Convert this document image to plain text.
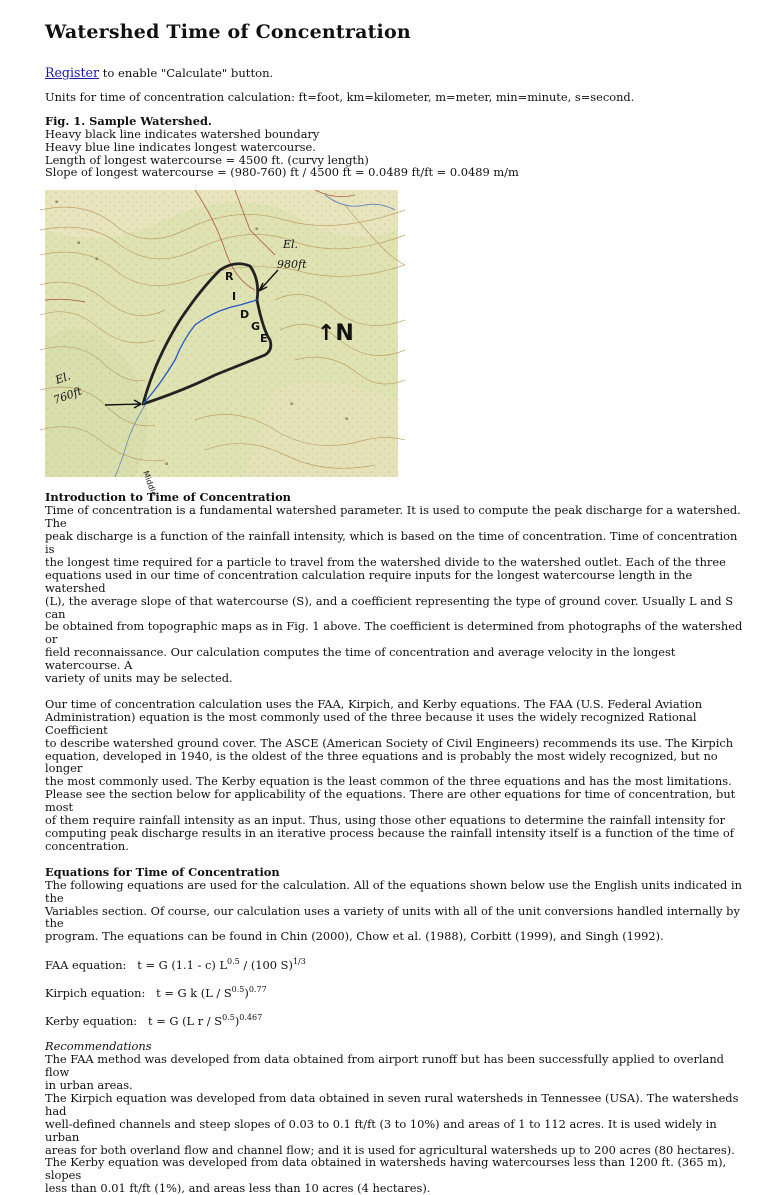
Watershed Time of Concentration

Register to enable "Calculate" button.

Units for time of concentration calculation: ft=foot, km=kilometer, m=meter, min=minute, s=second.

Fig. 1. Sample Watershed.
Heavy black line indicates watershed boundary
Heavy blue line indicates longest watercourse.
Length of longest watercourse = 4500 ft. (curvy length)
Slope of longest watercourse = (980-760) ft / 4500 ft = 0.0489 ft/ft = 0.0489 m/m
▪
▪
▪
▪
▪
▪
▪
El.
980ft
El.
760ft
R
I
D
G
E ↑N
Middle
Introduction to Time of Concentration
Time of concentration is a fundamental watershed parameter. It is used to compute the peak discharge for a watershed. The
peak discharge is a function of the rainfall intensity, which is based on the time of concentration. Time of concentration is
the longest time required for a particle to travel from the watershed divide to the watershed outlet. Each of the three
equations used in our time of concentration calculation require inputs for the longest watercourse length in the watershed
(L), the average slope of that watercourse (S), and a coefficient representing the type of ground cover. Usually L and S can
be obtained from topographic maps as in Fig. 1 above. The coefficient is determined from photographs of the watershed or
field reconnaissance. Our calculation computes the time of concentration and average velocity in the longest watercourse. A
variety of units may be selected.
Our time of concentration calculation uses the FAA, Kirpich, and Kerby equations. The FAA (U.S. Federal Aviation
Administration) equation is the most commonly used of the three because it uses the widely recognized Rational Coefficient
to describe watershed ground cover. The ASCE (American Society of Civil Engineers) recommends its use. The Kirpich
equation, developed in 1940, is the oldest of the three equations and is probably the most widely recognized, but no longer
the most commonly used. The Kerby equation is the least common of the three equations and has the most limitations.
Please see the section below for applicability of the equations. There are other equations for time of concentration, but most
of them require rainfall intensity as an input. Thus, using those other equations to determine the rainfall intensity for
computing peak discharge results in an iterative process because the rainfall intensity itself is a function of the time of
concentration.
Equations for Time of Concentration
The following equations are used for the calculation. All of the equations shown below use the English units indicated in the
Variables section. Of course, our calculation uses a variety of units with all of the unit conversions handled internally by the
program. The equations can be found in Chin (2000), Chow et al. (1988), Corbitt (1999), and Singh (1992).
FAA equation: t = G (1.1 - c) $L^{0.5} / (100$ S)$^{1/3}$
Kirpich equation: t = G k $(L / S^{0.5})^{0.77}$
Kerby equation: t = G (L r / $S^{0.5})^{0.467}$
Recommendations
The FAA method was developed from data obtained from airport runoff but has been successfully applied to overland flow
in urban areas.
The Kirpich equation was developed from data obtained in seven rural watersheds in Tennessee (USA). The watersheds had
well-defined channels and steep slopes of 0.03 to 0.1 ft/ft (3 to 10%) and areas of 1 to 112 acres. It is used widely in urban
areas for both overland flow and channel flow; and it is used for agricultural watersheds up to 200 acres (80 hectares).
The Kerby equation was developed from data obtained in watersheds having watercourses less than 1200 ft. (365 m), slopes
less than 0.01 ft/ft (1%), and areas less than 10 acres (4 hectares).
